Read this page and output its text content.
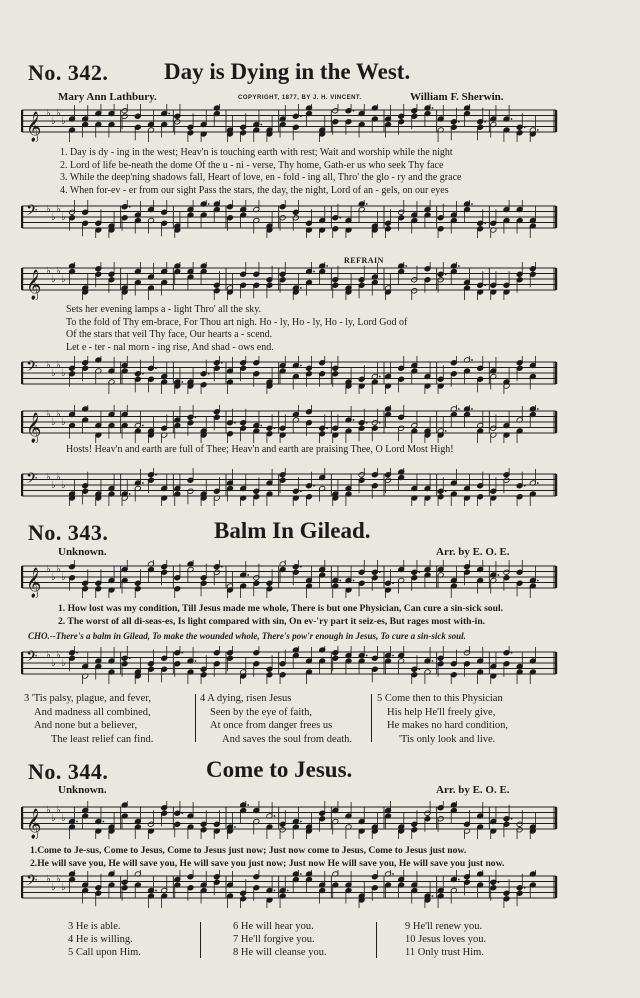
No. 342. Day is Dying in the West.
Mary Ann Lathbury.	COPYRIGHT, 1877, BY J. H. VINCENT.	William F. Sherwin.
𝄞 ♭
♭
♭
♭
1. Day is dy - ing in the west; Heav'n is touching earth with rest; Wait and worship while the night
2. Lord of life be-neath the dome Of the u - ni - verse, Thy home, Gath-er us who seek Thy face
3. While the deep'ning shadows fall, Heart of love, en - fold - ing all, Thro' the glo - ry and the grace
4. When for-ev - er from our sight Pass the stars, the day, the night, Lord of an - gels, on our eyes
𝄢 ♭
♭
♭
♭
REFRAIN
𝄞 ♭
♭
♭
♭
Sets her evening lamps a - light Thro' all the sky.
To the fold of Thy em-brace, For Thou art nigh. Ho - ly, Ho - ly, Ho - ly, Lord God of
Of the stars that veil Thy face, Our hearts a - scend.
Let e - ter - nal morn - ing rise, And shad - ows end.
𝄢 ♭
♭
♭
♭
𝄞 ♭
♭
♭
♭
Hosts! Heav'n and earth are full of Thee; Heav'n and earth are praising Thee, O Lord Most High!
𝄢 ♭
♭
♭
♭
No. 343.	Balm In Gilead.
Unknown.	Arr. by E. O. E.
𝄞 ♭
♭
♭
♭
1. How lost was my condition, Till Jesus made me whole, There is but one Physician, Can cure a sin-sick soul.
2. The worst of all di-seas-es, Is light compared with sin, On ev-'ry part it seiz-es, But rages most with-in.
CHO.--There's a balm in Gilead, To make the wounded whole, There's pow'r enough in Jesus, To cure a sin-sick soul.
𝄢 ♭
♭
♭
♭
3 'Tis palsy, plague, and fever,
And madness all combined,
And none but a believer,
The least relief can find.
4 A dying, risen Jesus
Seen by the eye of faith,
At once from danger frees us
And saves the soul from death.
5 Come then to this Physician
His help He'll freely give,
He makes no hard condition,
'Tis only look and live.
No. 344.	Come to Jesus.
Unknown.	Arr. by E. O. E.
𝄞 ♭
♭
♭
♭
1.Come to Je-sus, Come to Jesus, Come to Jesus just now; Just now come to Jesus, Come to Jesus just now.
2.He will save you, He will save you, He will save you just now; Just now He will save you, He will save you just now.
𝄢 ♭
♭
♭
♭
3 He is able.
4 He is willing.
5 Call upon Him.
6 He will hear you.
7 He'll forgive you.
8 He will cleanse you.
9 He'll renew you.
10 Jesus loves you.
11 Only trust Him.
